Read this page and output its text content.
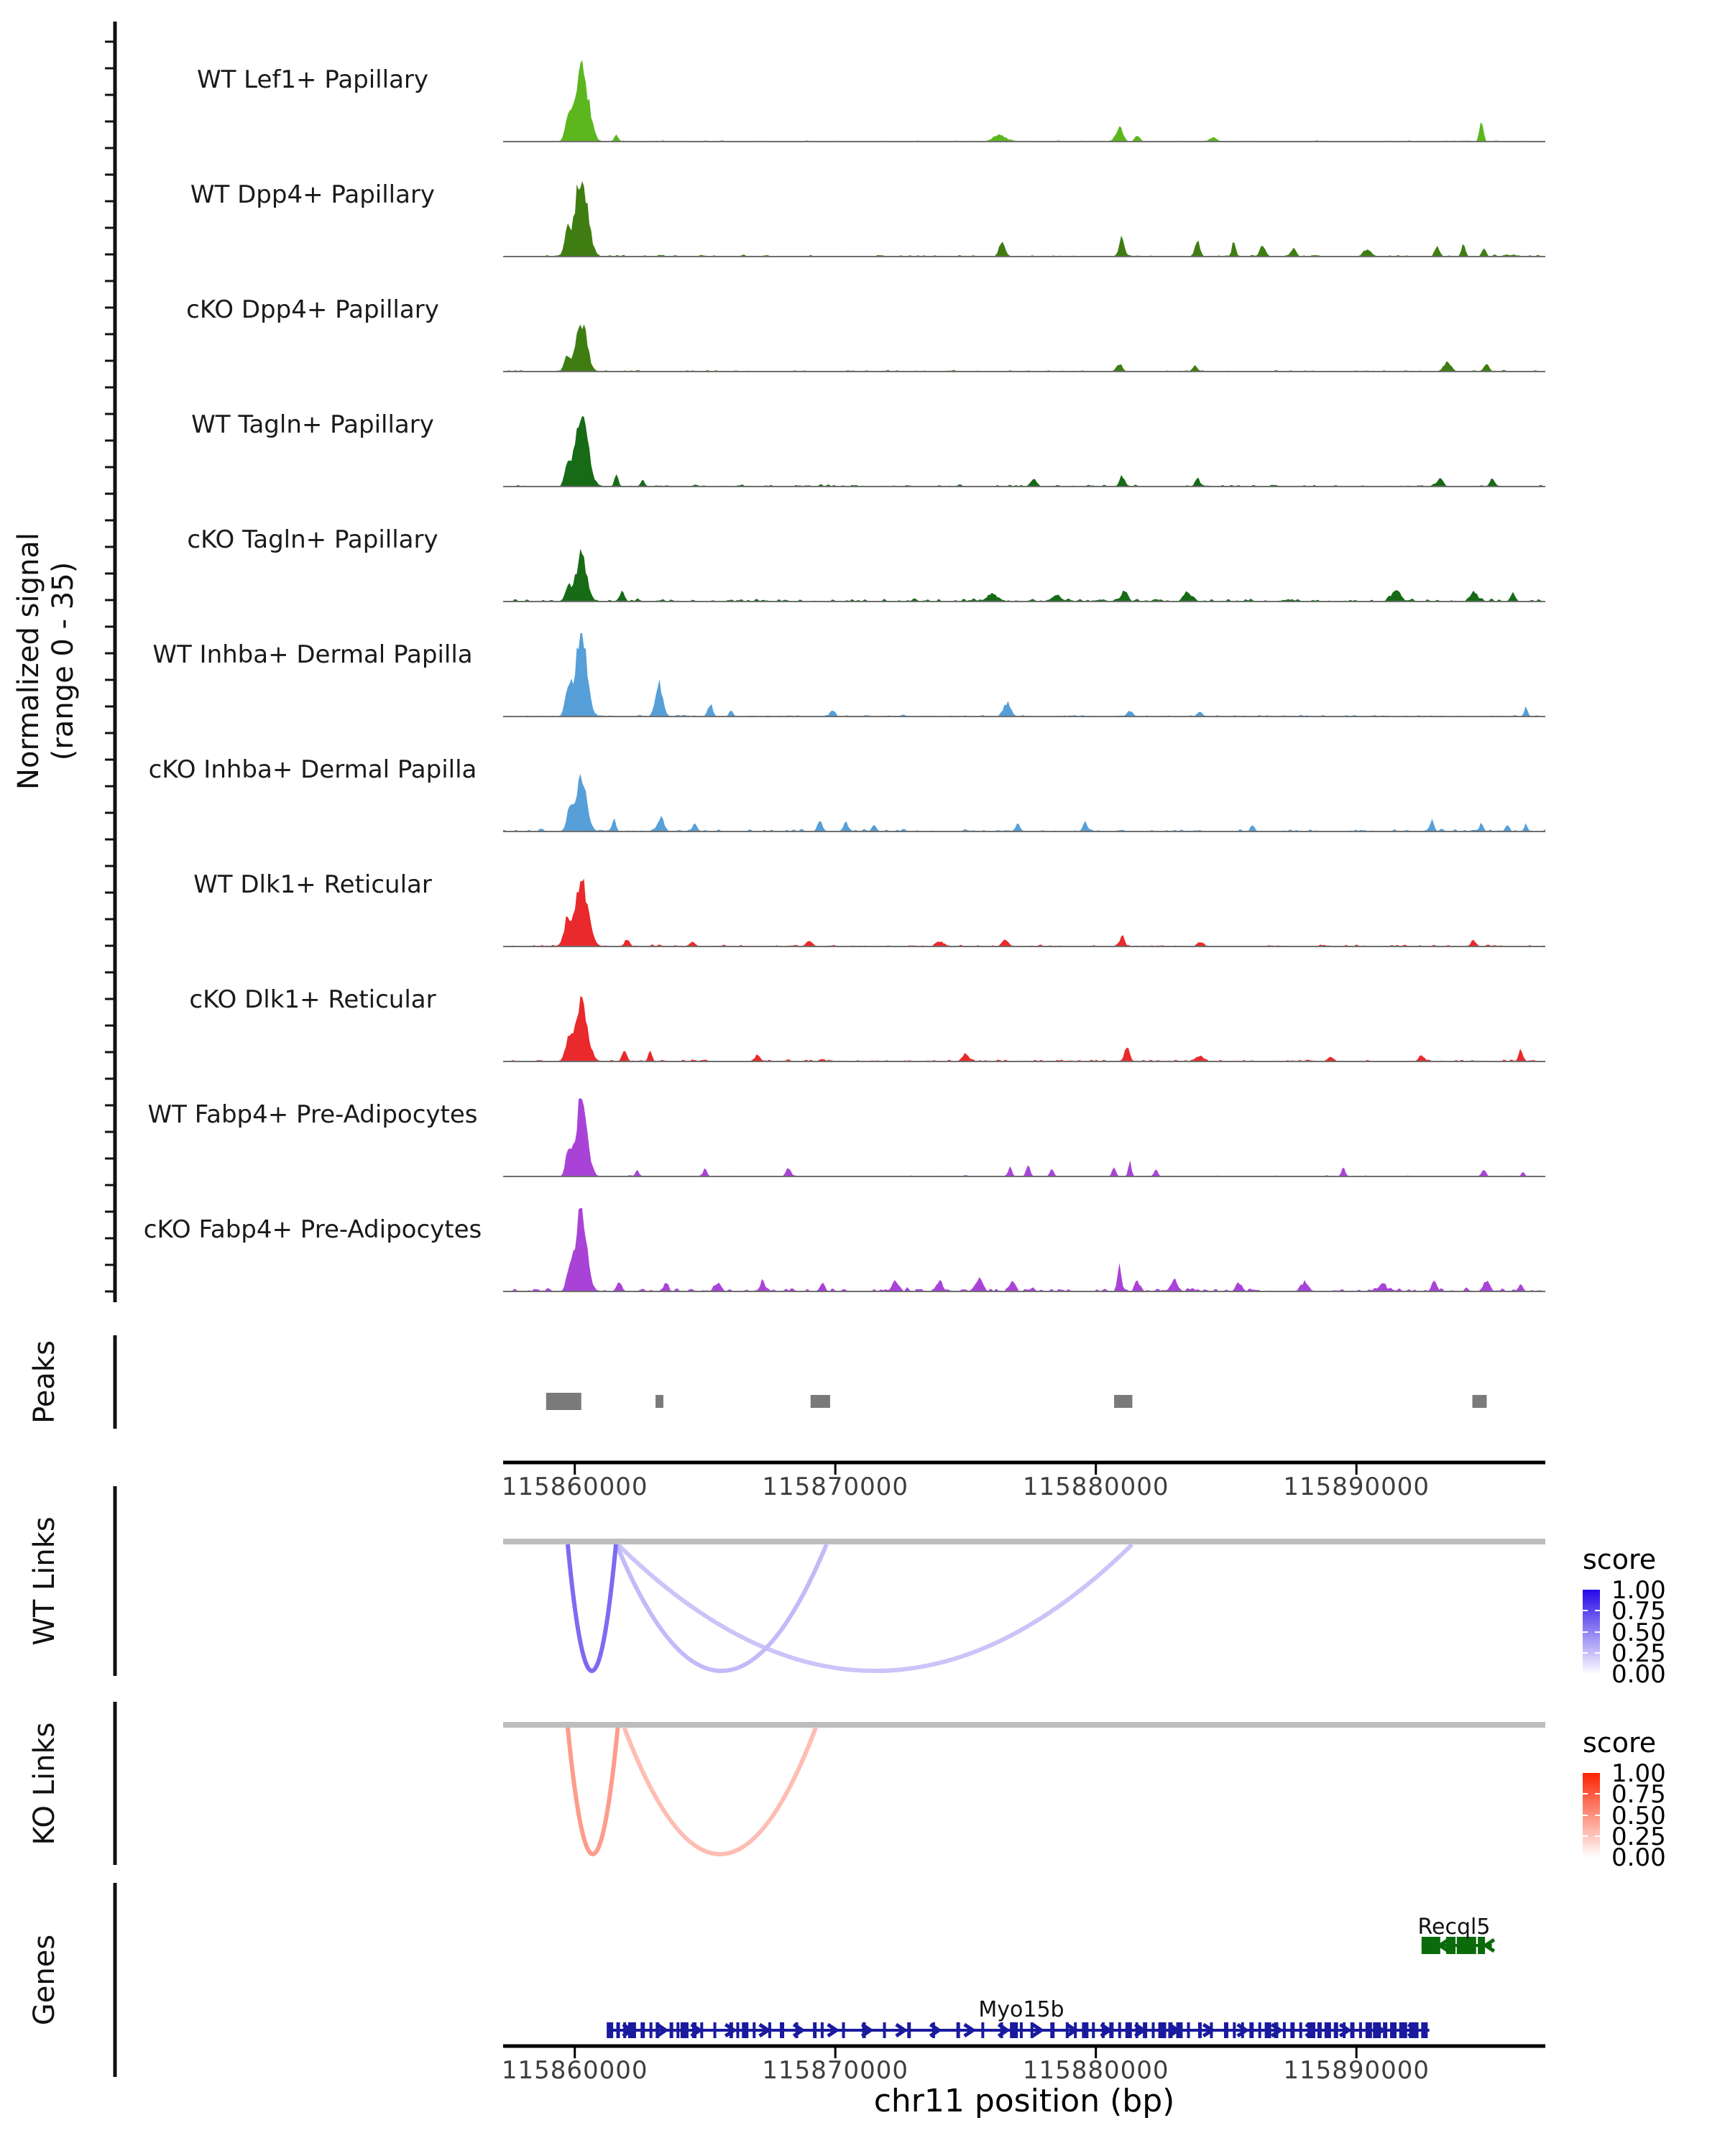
Normalized signal (range 0 - 35)
WT Lef1+ Papillary
WT Dpp4+ Papillary
cKO Dpp4+ Papillary
WT Tagln+ Papillary
cKO Tagln+ Papillary
WT Inhba+ Dermal Papilla
cKO Inhba+ Dermal Papilla
WT Dlk1+ Reticular
cKO Dlk1+ Reticular
WT Fabp4+ Pre-Adipocytes
cKO Fabp4+ Pre-Adipocytes
Peaks
WT Links
KO Links
Genes
115860000	115870000	115880000	115890000
115860000	115870000	115880000	115890000
chr11 position (bp)
score
1.00
0.75
0.50
0.25
0.00
score
1.00
0.75
0.50
0.25
0.00
Myo15b
Recql5
